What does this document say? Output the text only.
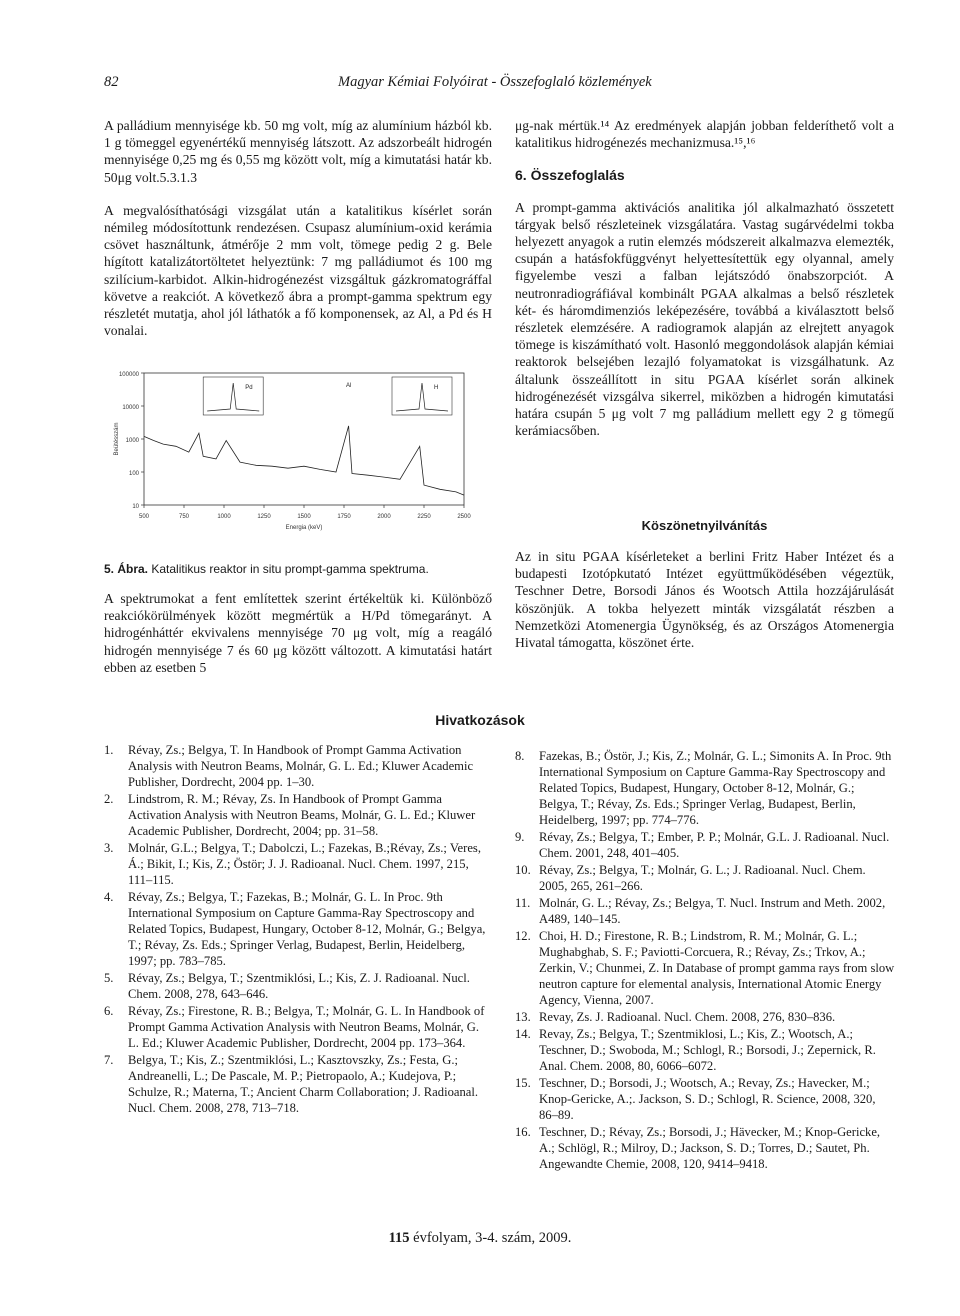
82	Magyar Kémiai Folyóirat - Összefoglaló közlemények

A palládium mennyisége kb. 50 mg volt, míg az alumínium házból kb. 1 g tömeggel egyenértékű mennyiség látszott. Az adszorbeált hidrogén mennyisége 0,25 mg és 0,55 mg között volt, míg a kimutatási határ kb. 50μg volt.5.3.1.3

A megvalósíthatósági vizsgálat után a katalitikus kísérlet során némileg módosítottunk rendezésen. Csupasz alumínium-oxid kerámia csövet használtunk, átmérője 2 mm volt, tömege pedig 2 g. Bele hígított katalizátortöltetet helyeztünk: 7 mg palládiumot és 100 mg szilícium-karbidot. Alkin-hidrogénezést vizsgáltuk gázkromatográffal követve a reakciót. A következő ábra a prompt-gamma spektrum egy részletét mutatja, ahol jól láthatók a fő komponensek, az Al, a Pd és H vonalai.

100000
10000
1000
100
10
500	750	1000	1250	1500	1750	2000	2250	2500
Energia (keV)
Beütésszám
Pd	H
Al
5. Ábra. Katalitikus reaktor in situ prompt-gamma spektruma.

A spektrumokat a fent említettek szerint értékeltük ki. Különböző reakciókörülmények között megmértük a H/Pd tömegarányt. A hidrogénháttér ekvivalens mennyisége 70 μg volt, míg a reagáló hidrogén mennyisége 7 és 60 μg között változott. A kimutatási határt ebben az esetben 5

μg-nak mértük.¹⁴ Az eredmények alapján jobban felderíthető volt a katalitikus hidrogénezés mechanizmusa.¹⁵,¹⁶

6. Összefoglalás

A prompt-gamma aktivációs analitika jól alkalmazható összetett tárgyak belső részleteinek vizsgálatára. Vastag sugárvédelmi tokba helyezett anyagok a rutin elemzés módszereit alkalmazva elemezték, csupán a hatásfokfüggvényt helyettesítettük egy olyannal, amely figyelembe veszi a falban lejátszódó önabszorpciót. A neutronradiográfiával kombinált PGAA alkalmas a belső részletek két- és háromdimenziós leképezésére, továbbá a kiválasztott belső részletek elemzésére. A radiogramok alapján az elrejtett anyagok tömege is kiszámítható volt. Hasonló meggondolások alapján kémiai reaktorok belsejében lezajló folyamatokat is vizsgálhatunk. Az általunk összeállított in situ PGAA kísérlet során alkinek hidrogénezését vizsgálva sikerrel, miközben a hidrogén kimutatási határa csupán 5 μg volt 7 mg palládium mellett egy 2 g tömegű kerámiacsőben.

Köszönetnyilvánítás

Az in situ PGAA kísérleteket a berlini Fritz Haber Intézet és a budapesti Izotópkutató Intézet együttműködésében végeztük, Teschner Detre, Borsodi János és Wootsch Attila hozzájárulását köszönjük. A tokba helyezett minták vizsgálatát részben a Nemzetközi Atomenergia Ügynökség, és az Országos Atomenergia Hivatal támogatta, köszönet érte.

Hivatkozások
1.	Révay, Zs.; Belgya, T. In Handbook of Prompt Gamma Activation Analysis with Neutron Beams, Molnár, G. L. Ed.; Kluwer Academic Publisher, Dordrecht, 2004 pp. 1–30.
2.	Lindstrom, R. M.; Révay, Zs. In Handbook of Prompt Gamma Activation Analysis with Neutron Beams, Molnár, G. L. Ed.; Kluwer Academic Publisher, Dordrecht, 2004; pp. 31–58.
3.	Molnár, G.L.; Belgya, T.; Dabolczi, L.; Fazekas, B.;Révay, Zs.; Veres, Á.; Bikit, I.; Kis, Z.; Östör; J. J. Radioanal. Nucl. Chem. 1997, 215, 111–115.
4.	Révay, Zs.; Belgya, T.; Fazekas, B.; Molnár, G. L. In Proc. 9th International Symposium on Capture Gamma-Ray Spectroscopy and Related Topics, Budapest, Hungary, October 8-12, Molnár, G.; Belgya, T.; Révay, Zs. Eds.; Springer Verlag, Budapest, Berlin, Heidelberg, 1997; pp. 783–785.
5.	Révay, Zs.; Belgya, T.; Szentmiklósi, L.; Kis, Z. J. Radioanal. Nucl. Chem. 2008, 278, 643–646.
6.	Révay, Zs.; Firestone, R. B.; Belgya, T.; Molnár, G. L. In Handbook of Prompt Gamma Activation Analysis with Neutron Beams, Molnár, G. L. Ed.; Kluwer Academic Publisher, Dordrecht, 2004 pp. 173–364.
7.	Belgya, T.; Kis, Z.; Szentmiklósi, L.; Kasztovszky, Zs.; Festa, G.; Andreanelli, L.; De Pascale, M. P.; Pietropaolo, A.; Kudejova, P.; Schulze, R.; Materna, T.; Ancient Charm Collaboration; J. Radioanal. Nucl. Chem. 2008, 278, 713–718.
8.	Fazekas, B.; Östör, J.; Kis, Z.; Molnár, G. L.; Simonits A. In Proc. 9th International Symposium on Capture Gamma-Ray Spectroscopy and Related Topics, Budapest, Hungary, October 8-12, Molnár, G.; Belgya, T.; Révay, Zs. Eds.; Springer Verlag, Budapest, Berlin, Heidelberg, 1997; pp. 774–776.
9.	Révay, Zs.; Belgya, T.; Ember, P. P.; Molnár, G.L. J. Radioanal. Nucl. Chem. 2001, 248, 401–405.
10. Révay, Zs.; Belgya, T.; Molnár, G. L.; J. Radioanal. Nucl. Chem. 2005, 265, 261–266.
11. Molnár, G. L.; Révay, Zs.; Belgya, T. Nucl. Instrum and Meth. 2002, A489, 140–145.
12. Choi, H. D.; Firestone, R. B.; Lindstrom, R. M.; Molnár, G. L.; Mughabghab, S. F.; Paviotti-Corcuera, R.; Révay, Zs.; Trkov, A.; Zerkin, V.; Chunmei, Z. In Database of prompt gamma rays from slow neutron capture for elemental analysis, International Atomic Energy Agency, Vienna, 2007.
13. Revay, Zs. J. Radioanal. Nucl. Chem. 2008, 276, 830–836.
14. Revay, Zs.; Belgya, T.; Szentmiklosi, L.; Kis, Z.; Wootsch, A.; Teschner, D.; Swoboda, M.; Schlogl, R.; Borsodi, J.; Zepernick, R. Anal. Chem. 2008, 80, 6066–6072.
15. Teschner, D.; Borsodi, J.; Wootsch, A.; Revay, Zs.; Havecker, M.; Knop-Gericke, A.;. Jackson, S. D.; Schlogl, R. Science, 2008, 320, 86–89.
16. Teschner, D.; Révay, Zs.; Borsodi, J.; Hävecker, M.; Knop-Gericke, A.; Schlögl, R.; Milroy, D.; Jackson, S. D.; Torres, D.; Sautet, Ph. Angewandte Chemie, 2008, 120, 9414–9418.
115 évfolyam, 3-4. szám, 2009.
